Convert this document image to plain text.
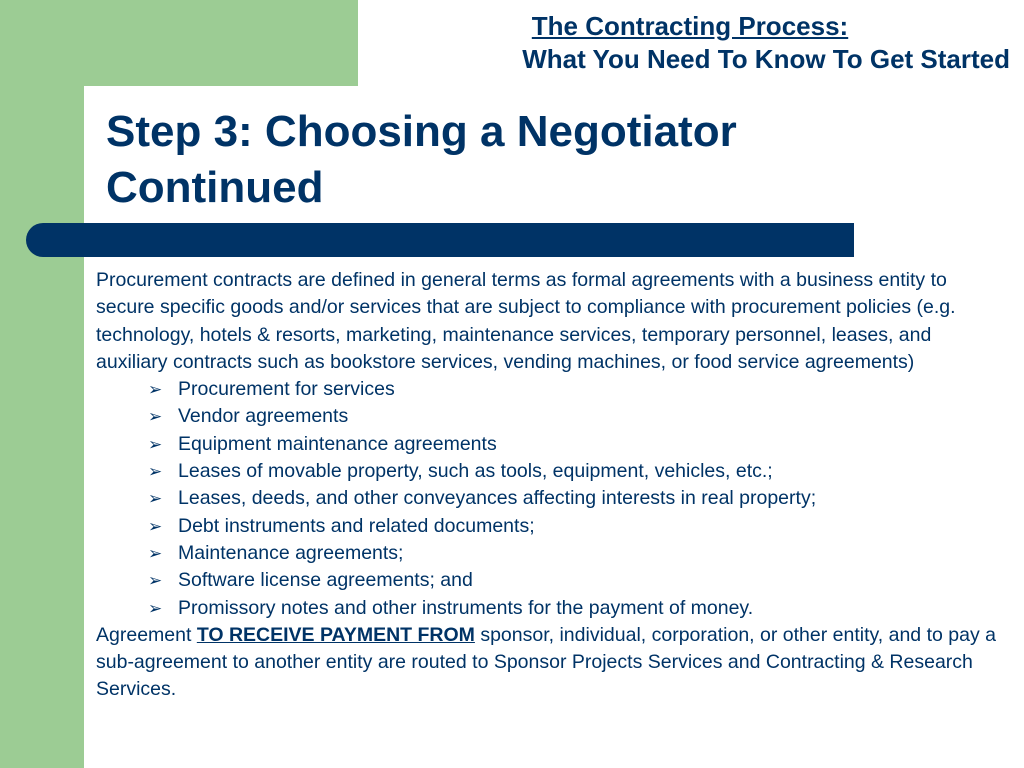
The Contracting Process:
What You Need To Know To Get Started
Step 3: Choosing a Negotiator
Continued

Procurement contracts are defined in general terms as formal agreements with a business entity to secure specific goods and/or services that are subject to compliance with procurement policies (e.g. technology, hotels & resorts, marketing, maintenance services, temporary personnel, leases, and auxiliary contracts such as bookstore services, vending machines, or food service agreements)

➢ Procurement for services
➢ Vendor agreements
➢ Equipment maintenance agreements
➢ Leases of movable property, such as tools, equipment, vehicles, etc.;
➢ Leases, deeds, and other conveyances affecting interests in real property;
➢ Debt instruments and related documents;
➢ Maintenance agreements;
➢ Software license agreements; and
➢ Promissory notes and other instruments for the payment of money.

Agreement TO RECEIVE PAYMENT FROM sponsor, individual, corporation, or other entity, and to pay a sub-agreement to another entity are routed to Sponsor Projects Services and Contracting & Research Services.
